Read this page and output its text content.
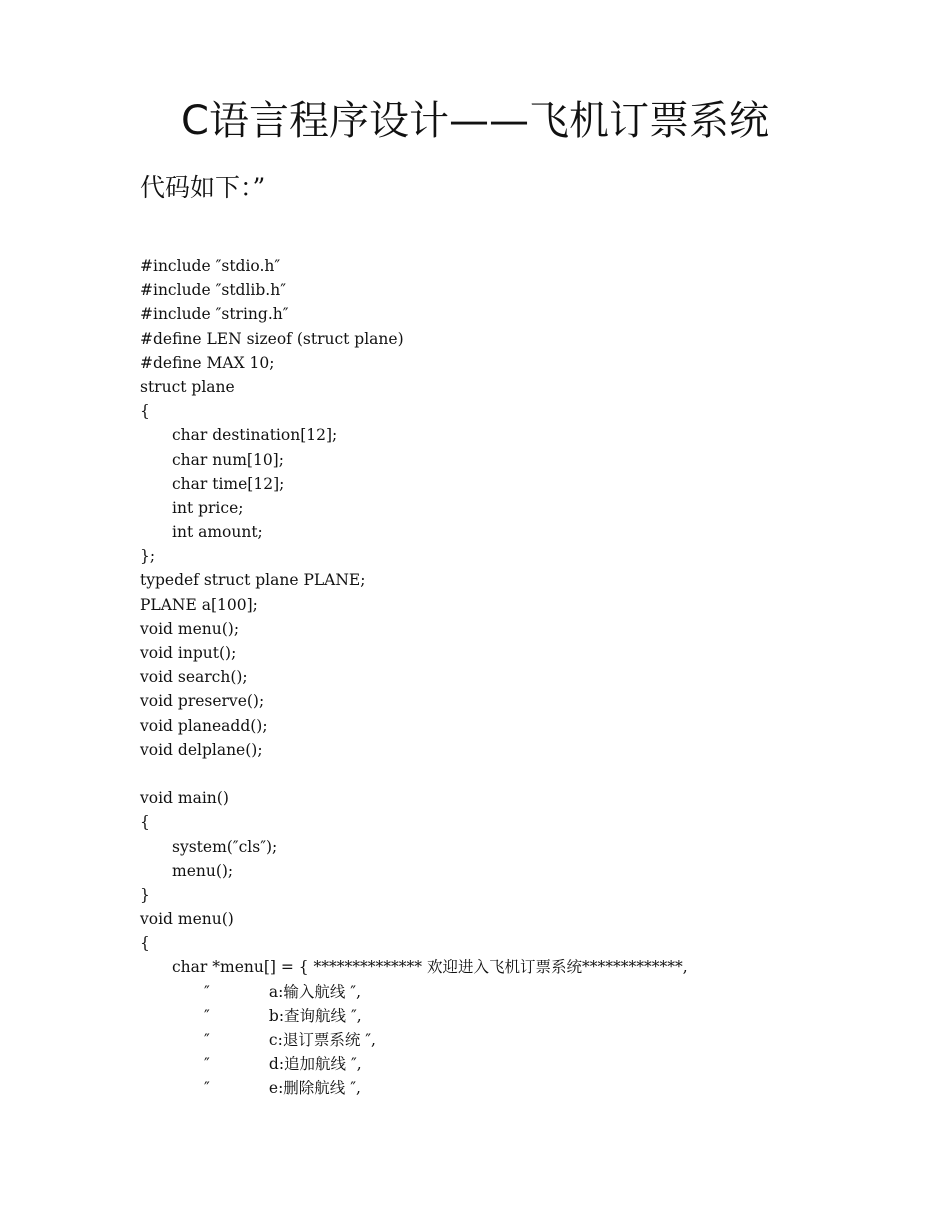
C语言程序设计——飞机订票系统
代码如下：”
#include ″stdio.h″
#include ″stdlib.h″
#include ″string.h″
#define LEN sizeof (struct plane)
#define MAX 10;
struct plane
{
char destination[12];
char num[10];
char time[12];
int price;
int amount;
};
typedef struct plane PLANE;
PLANE a[100];
void menu();
void input();
void search();
void preserve();
void planeadd();
void delplane();
void main()
{
system(″cls″);
menu();
}
void menu()
{
char *menu[] = { ************** 欢迎进入飞机订票系统*************,
″            a:输入航线 ″,
″            b:查询航线 ″,
″            c:退订票系统 ″,
″            d:追加航线 ″,
″            e:删除航线 ″,
